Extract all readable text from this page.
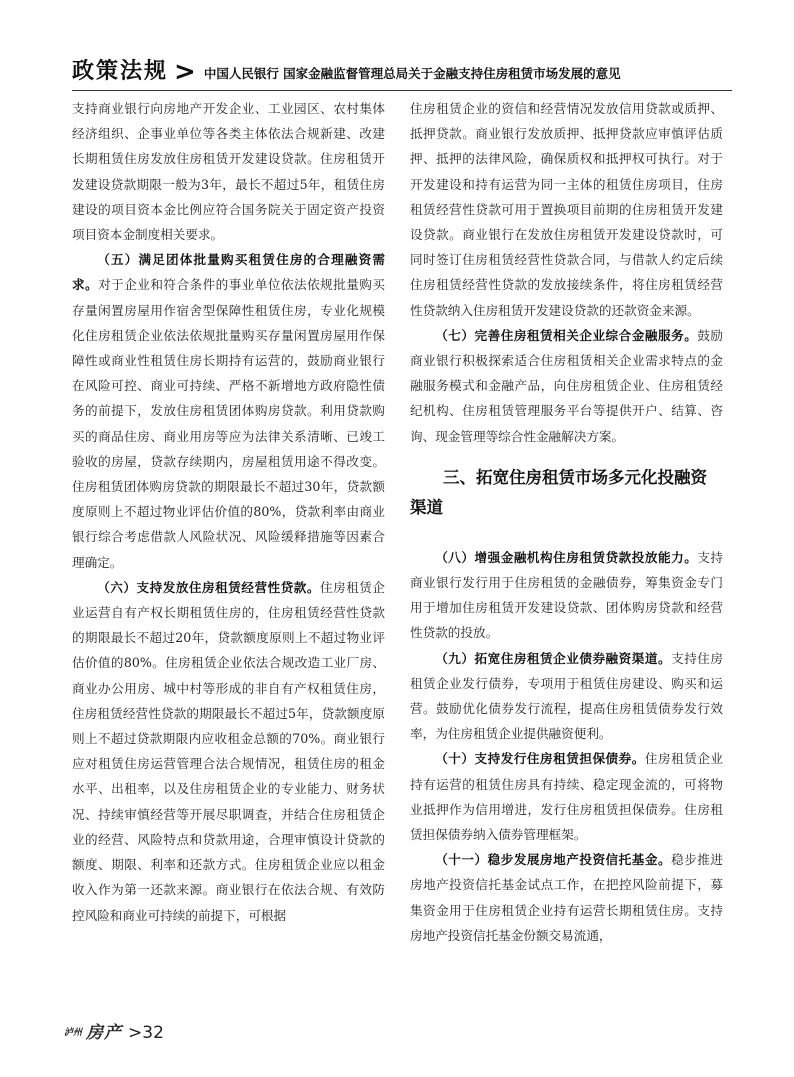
政策法规 > 中国人民银行 国家金融监督管理总局关于金融支持住房租赁市场发展的意见

支持商业银行向房地产开发企业、工业园区、农村集体经济组织、企事业单位等各类主体依法合规新建、改建长期租赁住房发放住房租赁开发建设贷款。住房租赁开发建设贷款期限一般为3年，最长不超过5年，租赁住房建设的项目资本金比例应符合国务院关于固定资产投资项目资本金制度相关要求。

（五）满足团体批量购买租赁住房的合理融资需求。对于企业和符合条件的事业单位依法依规批量购买存量闲置房屋用作宿舍型保障性租赁住房，专业化规模化住房租赁企业依法依规批量购买存量闲置房屋用作保障性或商业性租赁住房长期持有运营的，鼓励商业银行在风险可控、商业可持续、严格不新增地方政府隐性债务的前提下，发放住房租赁团体购房贷款。利用贷款购买的商品住房、商业用房等应为法律关系清晰、已竣工验收的房屋，贷款存续期内，房屋租赁用途不得改变。住房租赁团体购房贷款的期限最长不超过30年，贷款额度原则上不超过物业评估价值的80%，贷款利率由商业银行综合考虑借款人风险状况、风险缓释措施等因素合理确定。

（六）支持发放住房租赁经营性贷款。住房租赁企业运营自有产权长期租赁住房的，住房租赁经营性贷款的期限最长不超过20年，贷款额度原则上不超过物业评估价值的80%。住房租赁企业依法合规改造工业厂房、商业办公用房、城中村等形成的非自有产权租赁住房，住房租赁经营性贷款的期限最长不超过5年，贷款额度原则上不超过贷款期限内应收租金总额的70%。商业银行应对租赁住房运营管理合法合规情况，租赁住房的租金水平、出租率，以及住房租赁企业的专业能力、财务状况、持续审慎经营等开展尽职调查，并结合住房租赁企业的经营、风险特点和贷款用途，合理审慎设计贷款的额度、期限、利率和还款方式。住房租赁企业应以租金收入作为第一还款来源。商业银行在依法合规、有效防控风险和商业可持续的前提下，可根据

住房租赁企业的资信和经营情况发放信用贷款或质押、抵押贷款。商业银行发放质押、抵押贷款应审慎评估质押、抵押的法律风险，确保质权和抵押权可执行。对于开发建设和持有运营为同一主体的租赁住房项目，住房租赁经营性贷款可用于置换项目前期的住房租赁开发建设贷款。商业银行在发放住房租赁开发建设贷款时，可同时签订住房租赁经营性贷款合同，与借款人约定后续住房租赁经营性贷款的发放接续条件，将住房租赁经营性贷款纳入住房租赁开发建设贷款的还款资金来源。

（七）完善住房租赁相关企业综合金融服务。鼓励商业银行积极探索适合住房租赁相关企业需求特点的金融服务模式和金融产品，向住房租赁企业、住房租赁经纪机构、住房租赁管理服务平台等提供开户、结算、咨询、现金管理等综合性金融解决方案。

三、拓宽住房租赁市场多元化投融资渠道

（八）增强金融机构住房租赁贷款投放能力。支持商业银行发行用于住房租赁的金融债券，筹集资金专门用于增加住房租赁开发建设贷款、团体购房贷款和经营性贷款的投放。

（九）拓宽住房租赁企业债券融资渠道。支持住房租赁企业发行债券，专项用于租赁住房建设、购买和运营。鼓励优化债券发行流程，提高住房租赁债券发行效率，为住房租赁企业提供融资便利。

（十）支持发行住房租赁担保债券。住房租赁企业持有运营的租赁住房具有持续、稳定现金流的，可将物业抵押作为信用增进，发行住房租赁担保债券。住房租赁担保债券纳入债券管理框架。

（十一）稳步发展房地产投资信托基金。稳步推进房地产投资信托基金试点工作，在把控风险前提下，募集资金用于住房租赁企业持有运营长期租赁住房。支持房地产投资信托基金份额交易流通，

泸州 房产 >32
